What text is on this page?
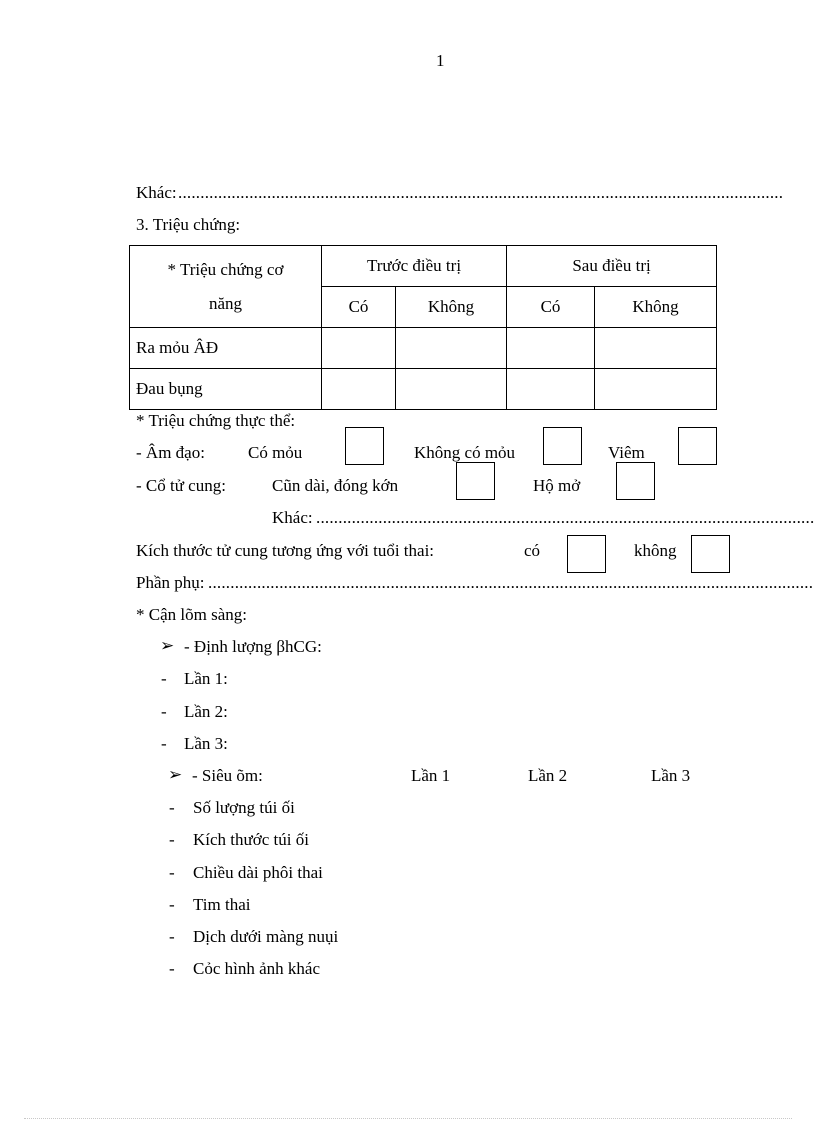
1
Khác: ........................................................................................................................................
3. Triệu chứng:
* Triệu chứng cơ năng	Trước điều trị		Sau điều trị	
	Có	Không	Có	Không
Ra mỏu ÂĐ				
Đau bụng				
* Triệu chứng thực thể:
- Âm đạo:	Có mỏu	Không có mỏu	Viêm
- Cổ tử cung:	Cũn dài, đóng kớn	Hộ mở
Khác: ................................................................................................................
Kích thước tử cung tương ứng với tuổi thai:	có	không
Phần phụ: ........................................................................................................................................
* Cận lõm sàng:
➢ - Định lượng βhCG:
- Lần 1:
- Lần 2:
- Lần 3:
➢ - Siêu õm:	Lần 1	Lần 2	Lần 3
- Số lượng túi ối
- Kích thước túi ối
- Chiều dài phôi thai
- Tim thai
- Dịch dưới màng nuụi
- Cỏc hình ảnh khác
